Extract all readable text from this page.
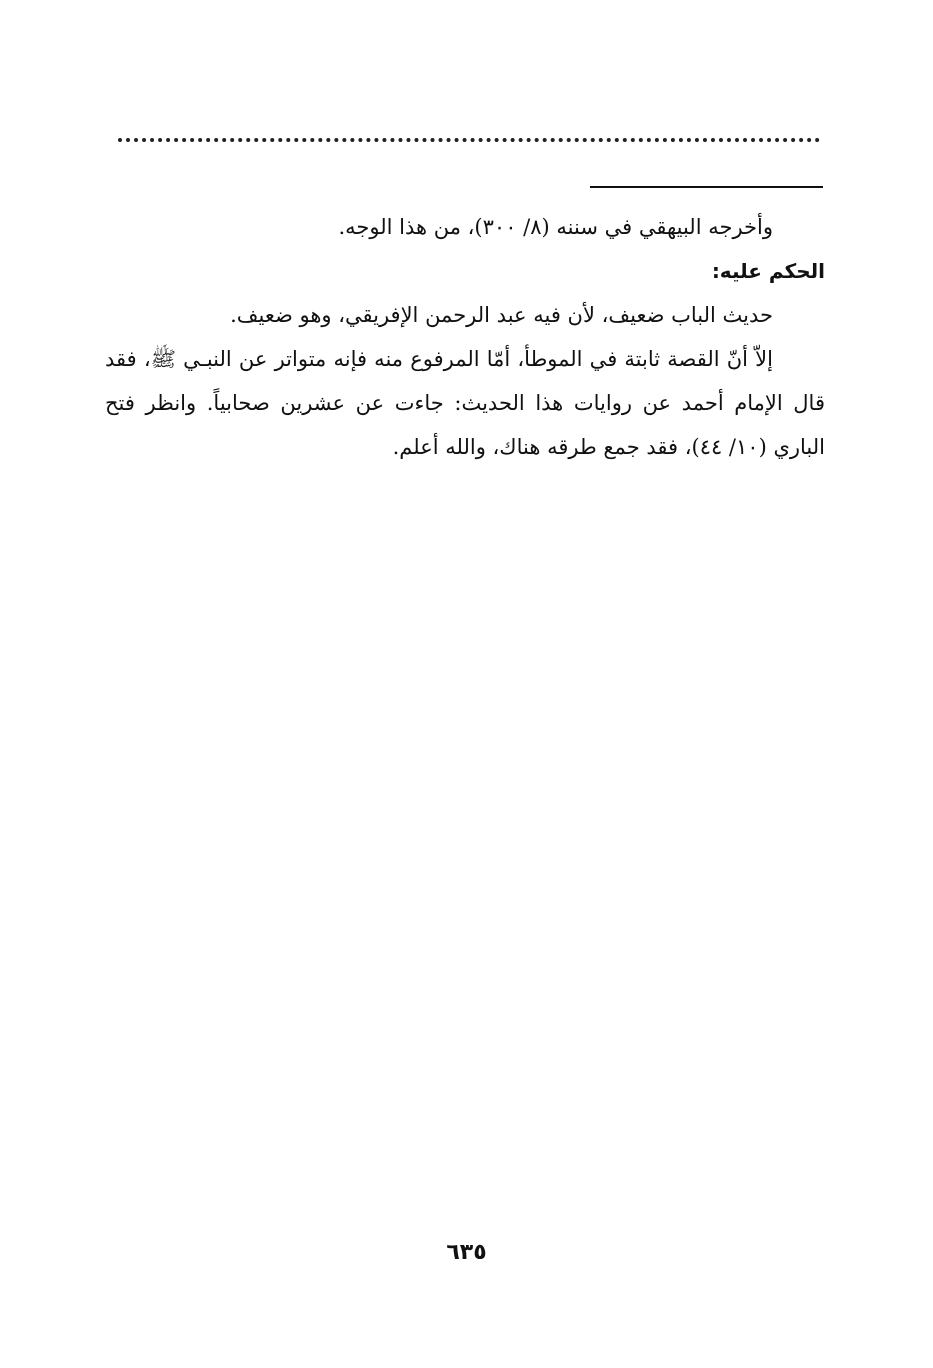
وأخرجه البيهقي في سننه (٨/ ٣٠٠)، من هذا الوجه.
الحكم عليه:
حديث الباب ضعيف، لأن فيه عبد الرحمن الإفريقي، وهو ضعيف.
إلاّ أنّ القصة ثابتة في الموطأ، أمّا المرفوع منه فإنه متواتر عن النبـي ﷺ، فقد
قال الإمام أحمد عن روايات هذا الحديث: جاءت عن عشرين صحابياً. وانظر فتح
الباري (١٠/ ٤٤)، فقد جمع طرقه هناك، والله أعلم.
٦٣٥
